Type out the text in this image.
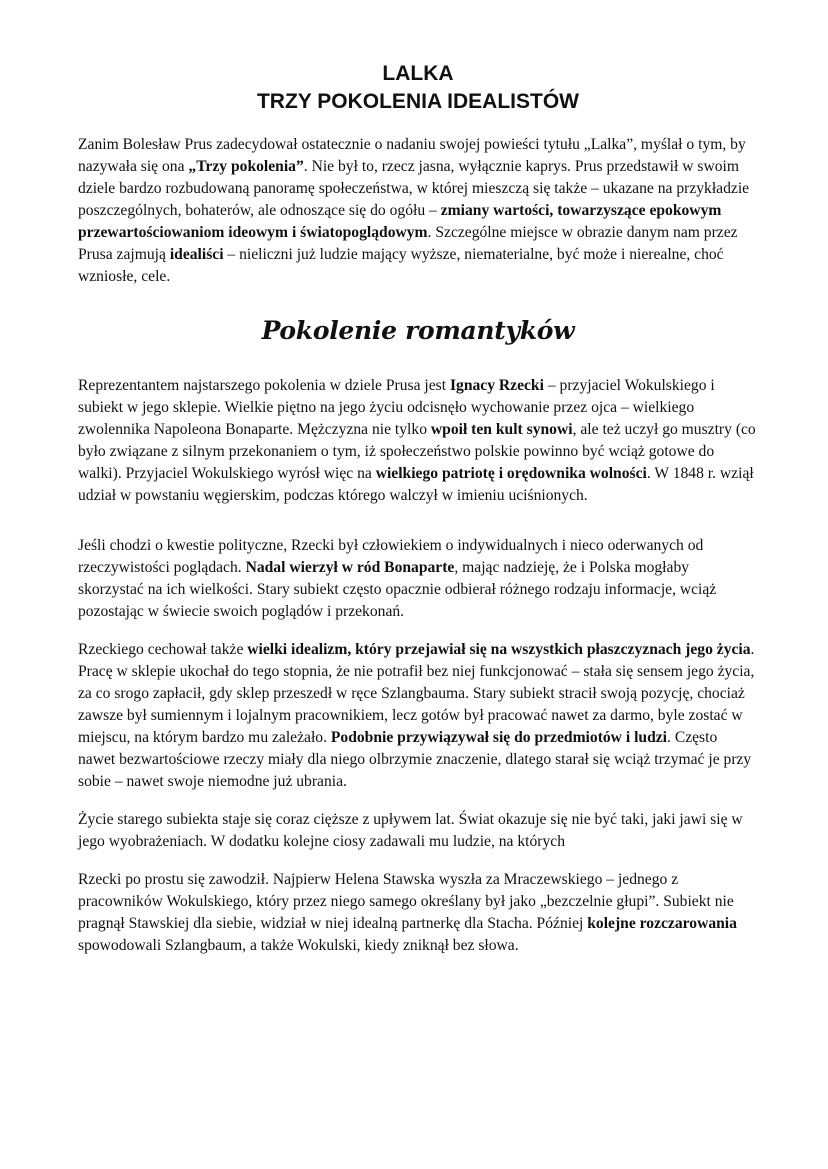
LALKA
TRZY POKOLENIA IDEALISTÓW

Zanim Bolesław Prus zadecydował ostatecznie o nadaniu swojej powieści tytułu „Lalka”, myślał o tym, by nazywała się ona „Trzy pokolenia”. Nie był to, rzecz jasna, wyłącznie kaprys. Prus przedstawił w swoim dziele bardzo rozbudowaną panoramę społeczeństwa, w której mieszczą się także – ukazane na przykładzie poszczególnych, bohaterów, ale odnoszące się do ogółu – zmiany wartości, towarzyszące epokowym przewartościowaniom ideowym i światopoglądowym. Szczególne miejsce w obrazie danym nam przez Prusa zajmują idealiści – nieliczni już ludzie mający wyższe, niematerialne, być może i nierealne, choć wzniosłe, cele.

Pokolenie romantyków

Reprezentantem najstarszego pokolenia w dziele Prusa jest Ignacy Rzecki – przyjaciel Wokulskiego i subiekt w jego sklepie. Wielkie piętno na jego życiu odcisnęło wychowanie przez ojca – wielkiego zwolennika Napoleona Bonaparte. Mężczyzna nie tylko wpoił ten kult synowi, ale też uczył go musztry (co było związane z silnym przekonaniem o tym, iż społeczeństwo polskie powinno być wciąż gotowe do walki). Przyjaciel Wokulskiego wyrósł więc na wielkiego patriotę i orędownika wolności. W 1848 r. wziął udział w powstaniu węgierskim, podczas którego walczył w imieniu uciśnionych.

Jeśli chodzi o kwestie polityczne, Rzecki był człowiekiem o indywidualnych i nieco oderwanych od rzeczywistości poglądach. Nadal wierzył w ród Bonaparte, mając nadzieję, że i Polska mogłaby skorzystać na ich wielkości. Stary subiekt często opacznie odbierał różnego rodzaju informacje, wciąż pozostając w świecie swoich poglądów i przekonań.

Rzeckiego cechował także wielki idealizm, który przejawiał się na wszystkich płaszczyznach jego życia. Pracę w sklepie ukochał do tego stopnia, że nie potrafił bez niej funkcjonować – stała się sensem jego życia, za co srogo zapłacił, gdy sklep przeszedł w ręce Szlangbauma. Stary subiekt stracił swoją pozycję, chociaż zawsze był sumiennym i lojalnym pracownikiem, lecz gotów był pracować nawet za darmo, byle zostać w miejscu, na którym bardzo mu zależało. Podobnie przywiązywał się do przedmiotów i ludzi. Często nawet bezwartościowe rzeczy miały dla niego olbrzymie znaczenie, dlatego starał się wciąż trzymać je przy sobie – nawet swoje niemodne już ubrania.

Życie starego subiekta staje się coraz cięższe z upływem lat. Świat okazuje się nie być taki, jaki jawi się w jego wyobrażeniach. W dodatku kolejne ciosy zadawali mu ludzie, na których

Rzecki po prostu się zawodził. Najpierw Helena Stawska wyszła za Mraczewskiego – jednego z pracowników Wokulskiego, który przez niego samego określany był jako „bezczelnie głupi”. Subiekt nie pragnął Stawskiej dla siebie, widział w niej idealną partnerkę dla Stacha. Później kolejne rozczarowania spowodowali Szlangbaum, a także Wokulski, kiedy zniknął bez słowa.
